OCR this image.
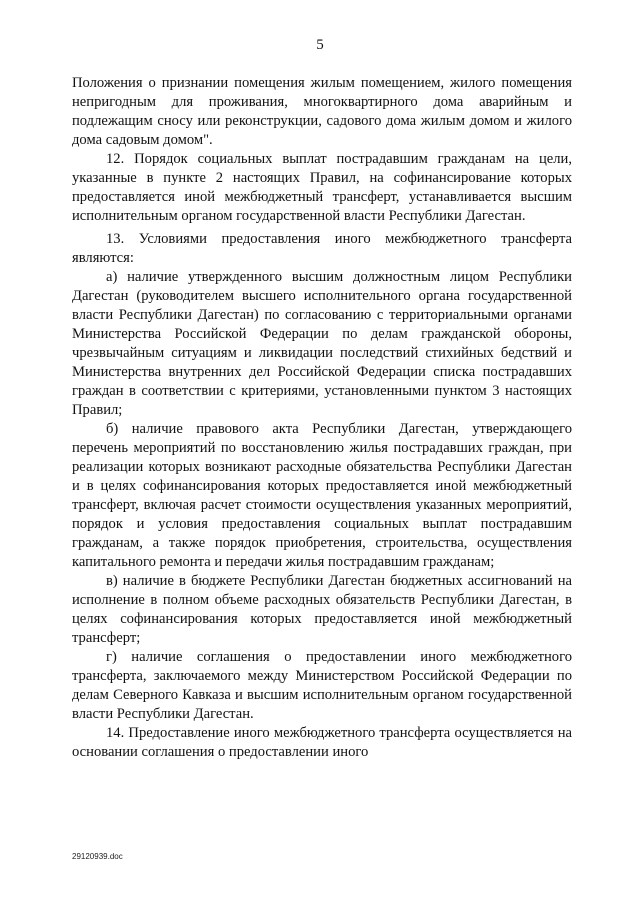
5

Положения о признании помещения жилым помещением, жилого помещения непригодным для проживания, многоквартирного дома аварийным и подлежащим сносу или реконструкции, садового дома жилым домом и жилого дома садовым домом".

12. Порядок социальных выплат пострадавшим гражданам на цели, указанные в пункте 2 настоящих Правил, на софинансирование которых предоставляется иной межбюджетный трансферт, устанавливается высшим исполнительным органом государственной власти Республики Дагестан.

13. Условиями предоставления иного межбюджетного трансферта являются:

а) наличие утвержденного высшим должностным лицом Республики Дагестан (руководителем высшего исполнительного органа государственной власти Республики Дагестан) по согласованию с территориальными органами Министерства Российской Федерации по делам гражданской обороны, чрезвычайным ситуациям и ликвидации последствий стихийных бедствий и Министерства внутренних дел Российской Федерации списка пострадавших граждан в соответствии с критериями, установленными пунктом 3 настоящих Правил;

б) наличие правового акта Республики Дагестан, утверждающего перечень мероприятий по восстановлению жилья пострадавших граждан, при реализации которых возникают расходные обязательства Республики Дагестан и в целях софинансирования которых предоставляется иной межбюджетный трансферт, включая расчет стоимости осуществления указанных мероприятий, порядок и условия предоставления социальных выплат пострадавшим гражданам, а также порядок приобретения, строительства, осуществления капитального ремонта и передачи жилья пострадавшим гражданам;

в) наличие в бюджете Республики Дагестан бюджетных ассигнований на исполнение в полном объеме расходных обязательств Республики Дагестан, в целях софинансирования которых предоставляется иной межбюджетный трансферт;

г) наличие соглашения о предоставлении иного межбюджетного трансферта, заключаемого между Министерством Российской Федерации по делам Северного Кавказа и высшим исполнительным органом государственной власти Республики Дагестан.

14. Предоставление иного межбюджетного трансферта осуществляется на основании соглашения о предоставлении иного

29120939.doc
